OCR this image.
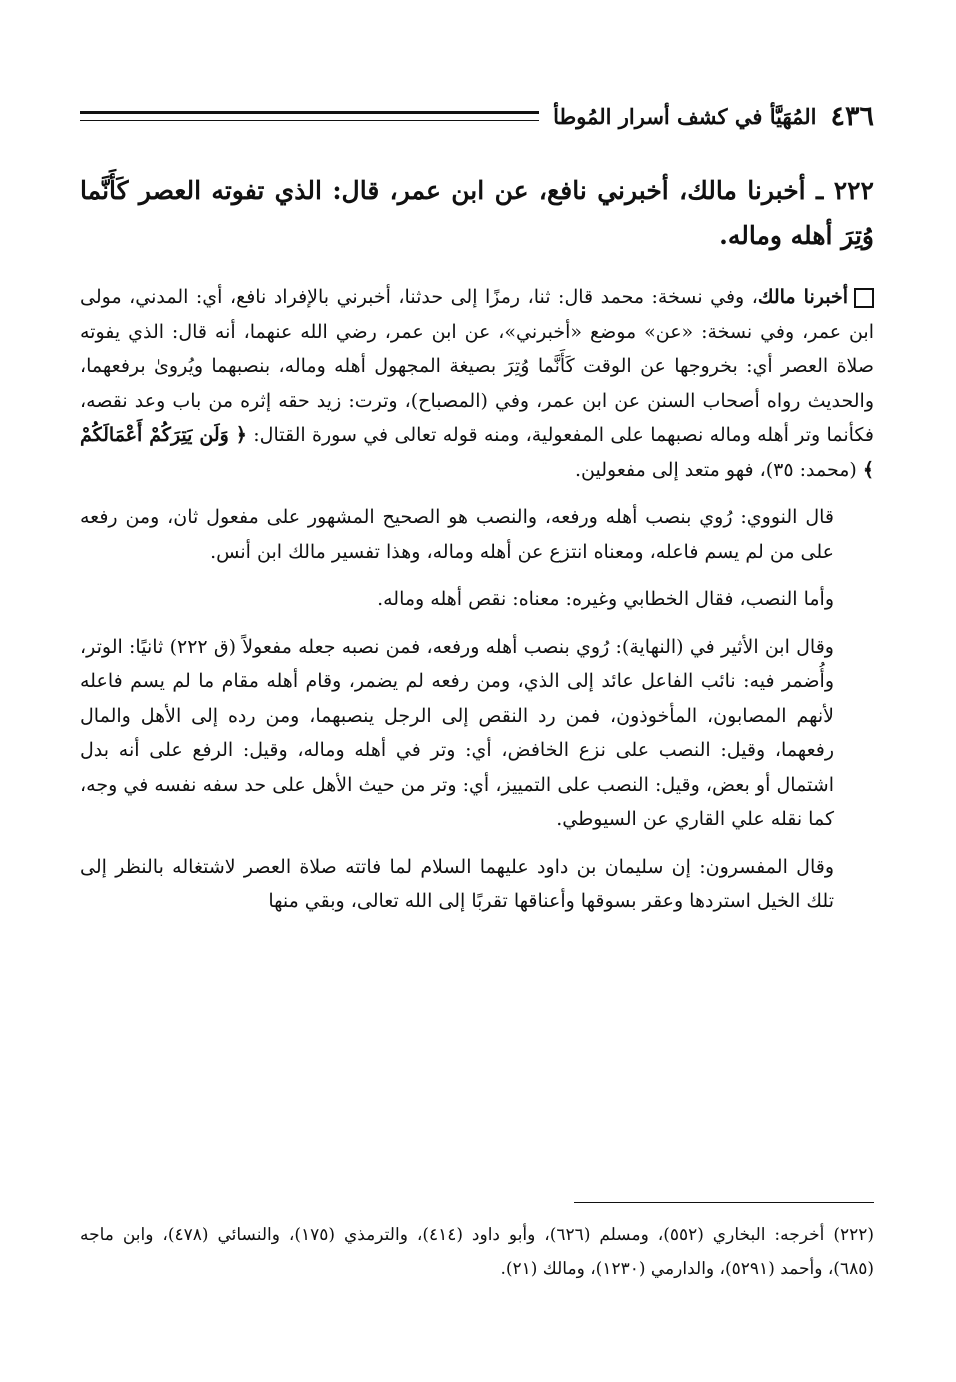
٤٣٦
المُهَيَّأ في كشف أسرار المُوطأ

٢٢٢ ـ أخبرنا مالك، أخبرني نافع، عن ابن عمر، قال: الذي تفوته العصر كَأَنَّما وُتِرَ أهله وماله.

أخبرنا مالك، وفي نسخة: محمد قال: ثنا، رمزًا إلى حدثنا، أخبرني بالإفراد نافع، أي: المدني، مولى ابن عمر، وفي نسخة: «عن» موضع «أخبرني»، عن ابن عمر، رضي الله عنهما، أنه قال: الذي يفوته صلاة العصر أي: بخروجها عن الوقت كَأَنَّما وُتِرَ بصيغة المجهول أهله وماله، بنصبهما ويُروىٰ برفعهما، والحديث رواه أصحاب السنن عن ابن عمر، وفي (المصباح)، وترت: زيد حقه إثره من باب وعد نقصه، فكأنما وتر أهله وماله نصبهما على المفعولية، ومنه قوله تعالى في سورة القتال: ﴿ وَلَن يَتِرَكُمْ أَعْمَالَكُمْ ﴾ (محمد: ٣٥)، فهو متعد إلى مفعولين.

قال النووي: رُوي بنصب أهله ورفعه، والنصب هو الصحيح المشهور على مفعول ثان، ومن رفعه على من لم يسم فاعله، ومعناه انتزع عن أهله وماله، وهذا تفسير مالك ابن أنس.

وأما النصب، فقال الخطابي وغيره: معناه: نقص أهله وماله.

وقال ابن الأثير في (النهاية): رُوي بنصب أهله ورفعه، فمن نصبه جعله مفعولاً (ق ٢٢٢) ثانيًا: الوتر، وأُضمر فيه: نائب الفاعل عائد إلى الذي، ومن رفعه لم يضمر، وقام أهله مقام ما لم يسم فاعله لأنهم المصابون، المأخوذون، فمن رد النقص إلى الرجل ينصبهما، ومن رده إلى الأهل والمال رفعهما، وقيل: النصب على نزع الخافض، أي: وتر في أهله وماله، وقيل: الرفع على أنه بدل اشتمال أو بعض، وقيل: النصب على التمييز، أي: وتر من حيث الأهل على حد سفه نفسه في وجه، كما نقله علي القاري عن السيوطي.

وقال المفسرون: إن سليمان بن داود عليهما السلام لما فاتته صلاة العصر لاشتغاله بالنظر إلى تلك الخيل استردها وعقر بسوقها وأعناقها تقربًا إلى الله تعالى، وبقي منها

(٢٢٢) أخرجه: البخاري (٥٥٢)، ومسلم (٦٢٦)، وأبو داود (٤١٤)، والترمذي (١٧٥)، والنسائي (٤٧٨)، وابن ماجه (٦٨٥)، وأحمد (٥٢٩١)، والدارمي (١٢٣٠)، ومالك (٢١).
